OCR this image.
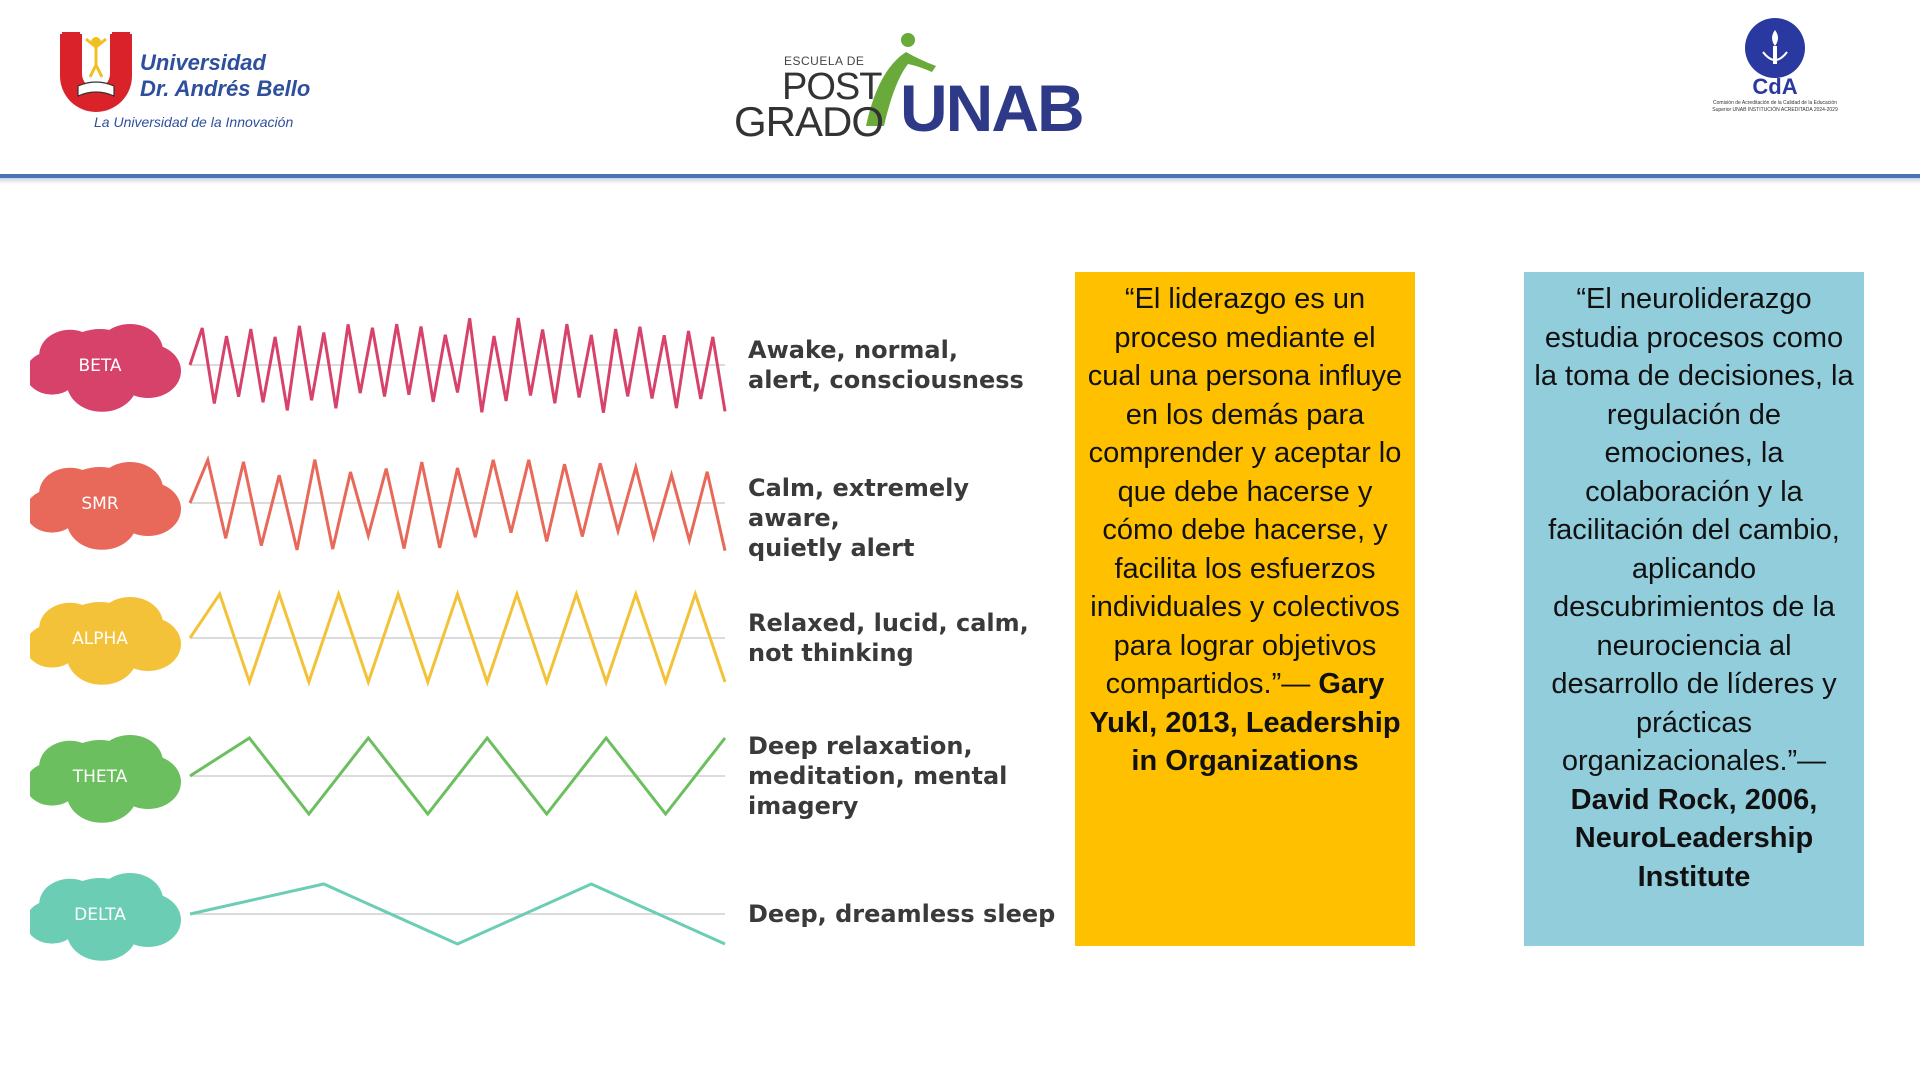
Universidad
Dr. Andrés Bello
La Universidad de la Innovación
ESCUELA DE
POST
GRADO UNAB	CdA
Comisión de Acreditación de la Calidad de la Educación Superior UNAB INSTITUCIÓN ACREDITADA 2024-2029
BETA
SMR
ALPHA
THETA
DELTA
Awake, normal,
alert, consciousness
Calm, extremely aware,
quietly alert
Relaxed, lucid, calm,
not thinking
Deep relaxation,
meditation, mental
imagery
Deep, dreamless sleep
“El liderazgo es un proceso mediante el cual una persona influye en los demás para comprender y aceptar lo que debe hacerse y cómo debe hacerse, y facilita los esfuerzos individuales y colectivos para lograr objetivos compartidos.”— Gary Yukl, 2013, Leadership in Organizations
“El neuroliderazgo estudia procesos como la toma de decisiones, la regulación de emociones, la colaboración y la facilitación del cambio, aplicando descubrimientos de la neurociencia al desarrollo de líderes y prácticas organizacionales.”— David Rock, 2006, NeuroLeadership Institute
